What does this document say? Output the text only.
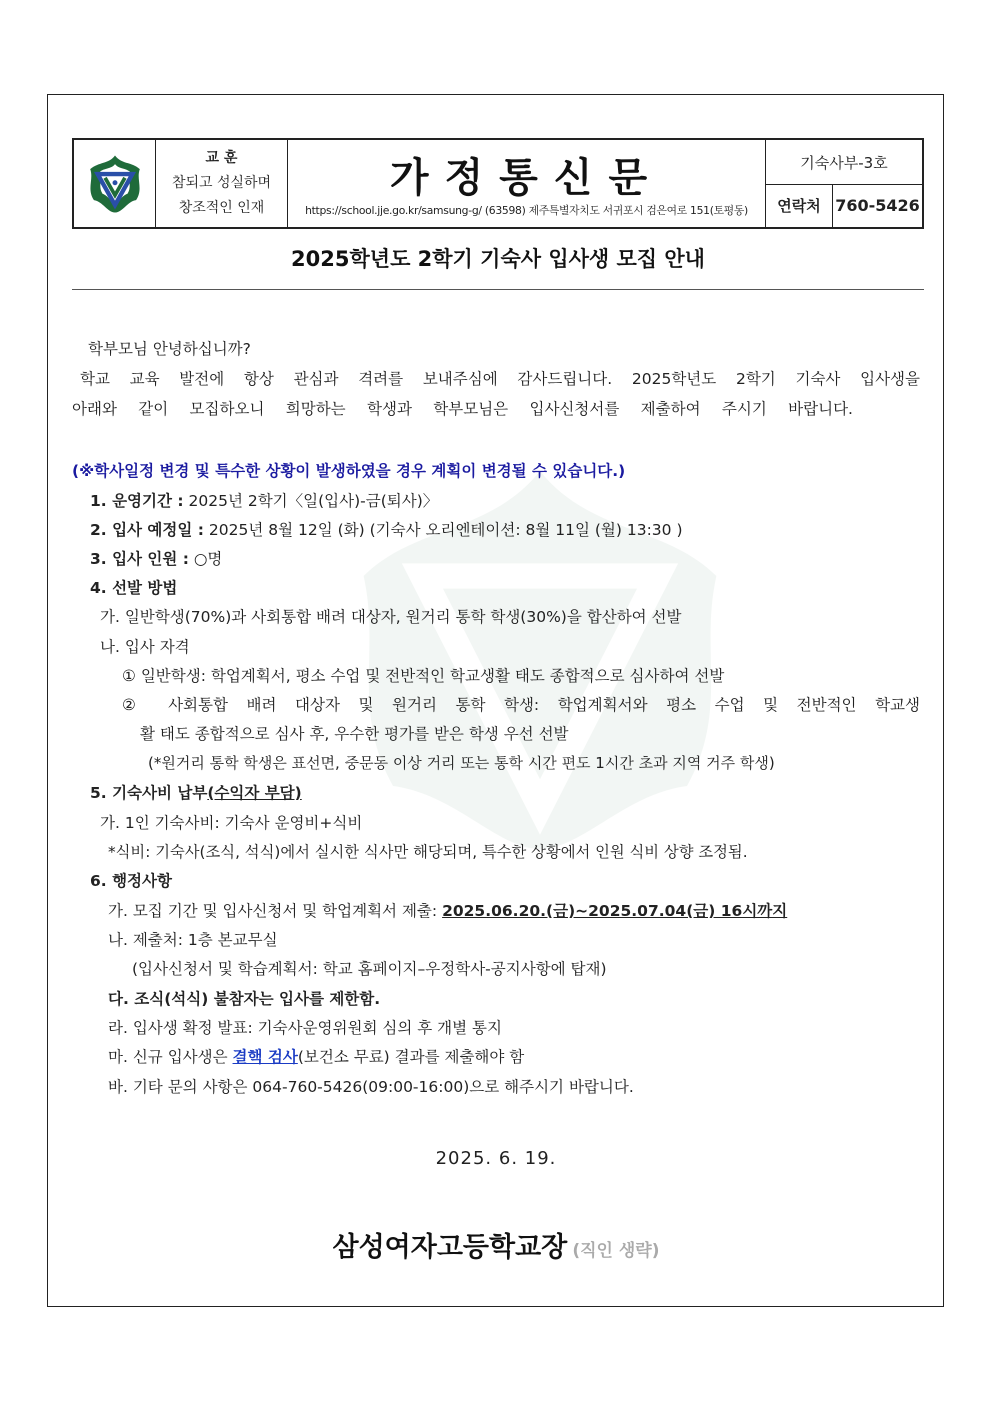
교 훈
참되고 성실하며
창조적인 인재
가정통신문
https://school.jje.go.kr/samsung-g/ (63598) 제주특별자치도 서귀포시 검은여로 151(토평동)
기숙사부-3호
연락처 760-5426
2025학년도 2학기 기숙사 입사생 모집 안내
학부모님 안녕하십니까?
학교 교육 발전에 항상 관심과 격려를 보내주심에 감사드립니다. 2025학년도 2학기 기숙사 입사생을
아래와 같이 모집하오니 희망하는 학생과 학부모님은 입사신청서를 제출하여 주시기 바랍니다.
(※학사일정 변경 및 특수한 상황이 발생하였을 경우 계획이 변경될 수 있습니다.)
1. 운영기간 : 2025년 2학기〈일(입사)-금(퇴사)〉
2. 입사 예정일 : 2025년 8월 12일 (화) (기숙사 오리엔테이션: 8월 11일 (월) 13:30 )
3. 입사 인원 : ○명
4. 선발 방법
가. 일반학생(70%)과 사회통합 배려 대상자, 원거리 통학 학생(30%)을 합산하여 선발
나. 입사 자격
① 일반학생: 학업계획서, 평소 수업 및 전반적인 학교생활 태도 종합적으로 심사하여 선발
② 사회통합 배려 대상자 및 원거리 통학 학생: 학업계획서와 평소 수업 및 전반적인 학교생
활 태도 종합적으로 심사 후, 우수한 평가를 받은 학생 우선 선발
(*원거리 통학 학생은 표선면, 중문동 이상 거리 또는 통학 시간 편도 1시간 초과 지역 거주 학생)
5. 기숙사비 납부(수익자 부담)
가. 1인 기숙사비: 기숙사 운영비+식비
*식비: 기숙사(조식, 석식)에서 실시한 식사만 해당되며, 특수한 상황에서 인원 식비 상향 조정됨.
6. 행정사항
가. 모집 기간 및 입사신청서 및 학업계획서 제출: 2025.06.20.(금)~2025.07.04(금) 16시까지
나. 제출처: 1층 본교무실
(입사신청서 및 학습계획서: 학교 홈페이지–우정학사-공지사항에 탑재)
다. 조식(석식) 불참자는 입사를 제한함.
라. 입사생 확정 발표: 기숙사운영위원회 심의 후 개별 통지
마. 신규 입사생은 결핵 검사(보건소 무료) 결과를 제출해야 함
바. 기타 문의 사항은 064-760-5426(09:00-16:00)으로 해주시기 바랍니다.
2025. 6. 19.
삼성여자고등학교장 (직인 생략)
